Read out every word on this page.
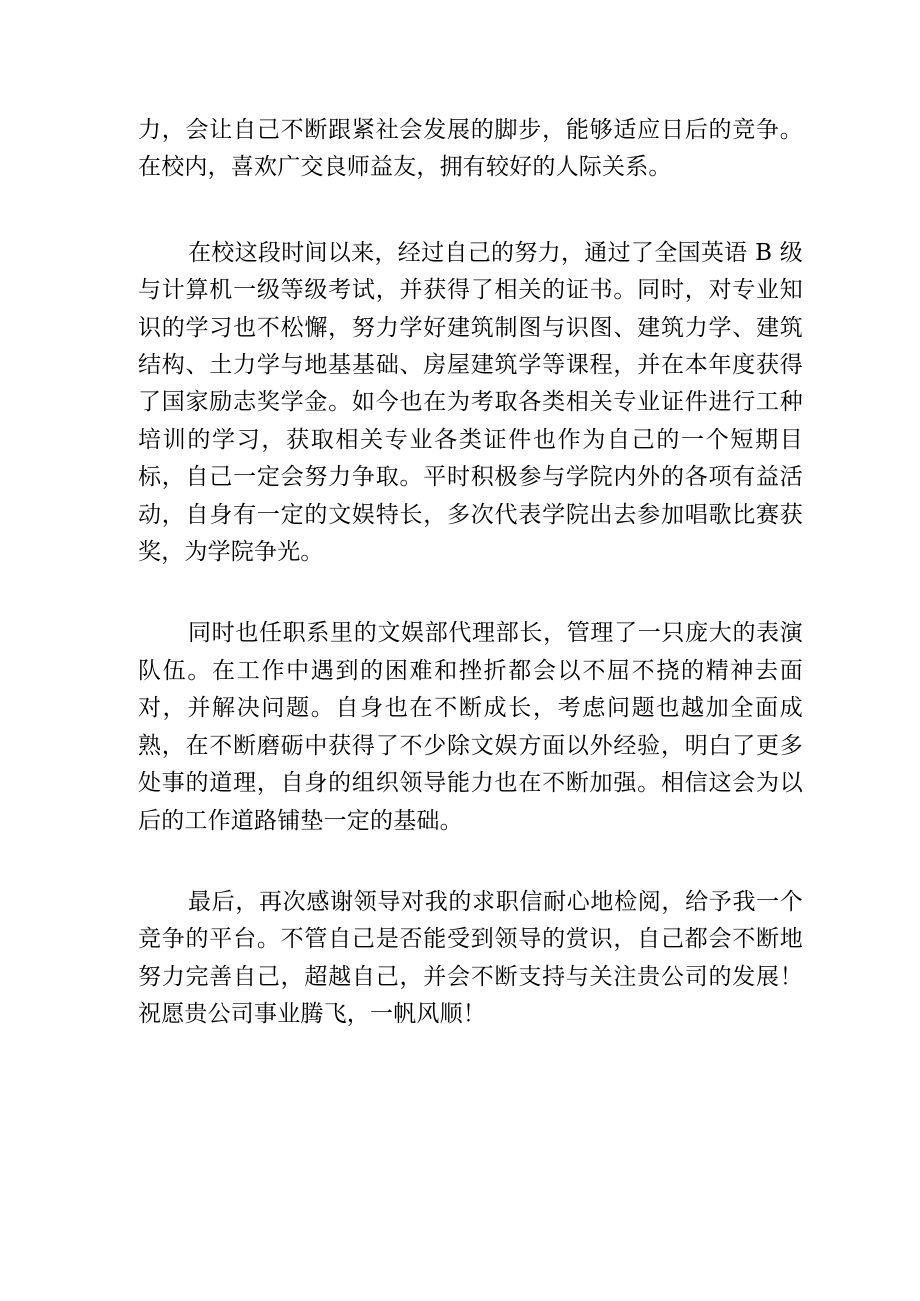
力，会让自己不断跟紧社会发展的脚步，能够适应日后的竞争。在校内，喜欢广交良师益友，拥有较好的人际关系。

在校这段时间以来，经过自己的努力，通过了全国英语 B 级与计算机一级等级考试，并获得了相关的证书。同时，对专业知识的学习也不松懈，努力学好建筑制图与识图、建筑力学、建筑结构、土力学与地基基础、房屋建筑学等课程，并在本年度获得了国家励志奖学金。如今也在为考取各类相关专业证件进行工种培训的学习，获取相关专业各类证件也作为自己的一个短期目标，自己一定会努力争取。平时积极参与学院内外的各项有益活动，自身有一定的文娱特长，多次代表学院出去参加唱歌比赛获奖，为学院争光。

同时也任职系里的文娱部代理部长，管理了一只庞大的表演队伍。在工作中遇到的困难和挫折都会以不屈不挠的精神去面对，并解决问题。自身也在不断成长，考虑问题也越加全面成熟，在不断磨砺中获得了不少除文娱方面以外经验，明白了更多处事的道理，自身的组织领导能力也在不断加强。相信这会为以后的工作道路铺垫一定的基础。

最后，再次感谢领导对我的求职信耐心地检阅，给予我一个竞争的平台。不管自己是否能受到领导的赏识，自己都会不断地努力完善自己，超越自己，并会不断支持与关注贵公司的发展！祝愿贵公司事业腾飞，一帆风顺！
